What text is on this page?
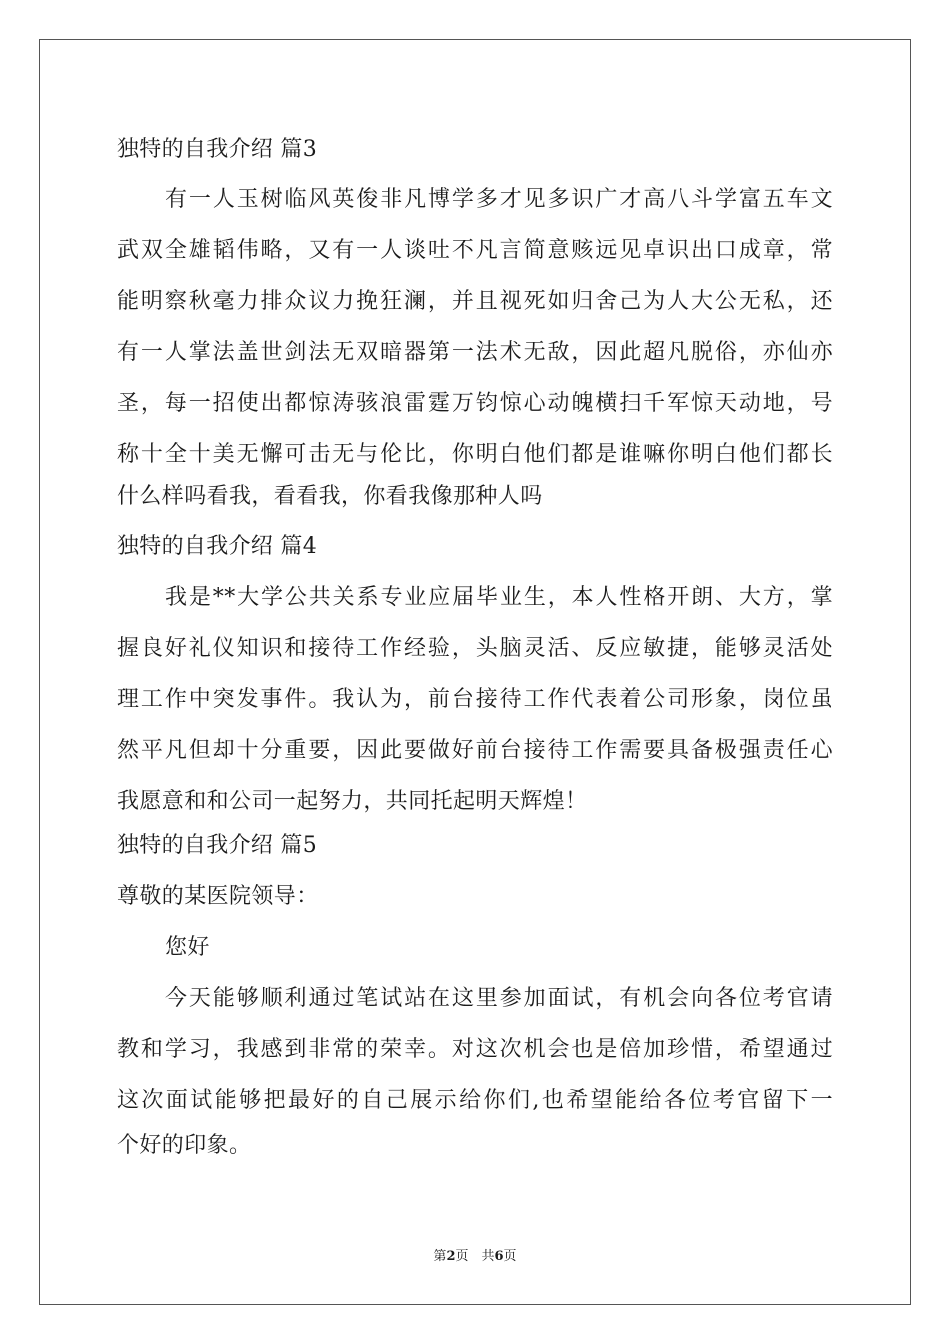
独特的自我介绍 篇3
有一人玉树临风英俊非凡博学多才见多识广才高八斗学富五车文
武双全雄韬伟略，又有一人谈吐不凡言简意赅远见卓识出口成章，常
能明察秋毫力排众议力挽狂澜，并且视死如归舍己为人大公无私，还
有一人掌法盖世剑法无双暗器第一法术无敌，因此超凡脱俗，亦仙亦
圣，每一招使出都惊涛骇浪雷霆万钧惊心动魄横扫千军惊天动地，号
称十全十美无懈可击无与伦比，你明白他们都是谁嘛你明白他们都长
什么样吗看我，看看我，你看我像那种人吗
独特的自我介绍 篇4
我是**大学公共关系专业应届毕业生，本人性格开朗、大方，掌
握良好礼仪知识和接待工作经验，头脑灵活、反应敏捷，能够灵活处
理工作中突发事件。我认为，前台接待工作代表着公司形象，岗位虽
然平凡但却十分重要，因此要做好前台接待工作需要具备极强责任心
我愿意和和公司一起努力，共同托起明天辉煌！
独特的自我介绍 篇5
尊敬的某医院领导：
您好
今天能够顺利通过笔试站在这里参加面试，有机会向各位考官请
教和学习，我感到非常的荣幸。对这次机会也是倍加珍惜，希望通过
这次面试能够把最好的自己展示给你们,也希望能给各位考官留下一
个好的印象。
第2页　共6页
